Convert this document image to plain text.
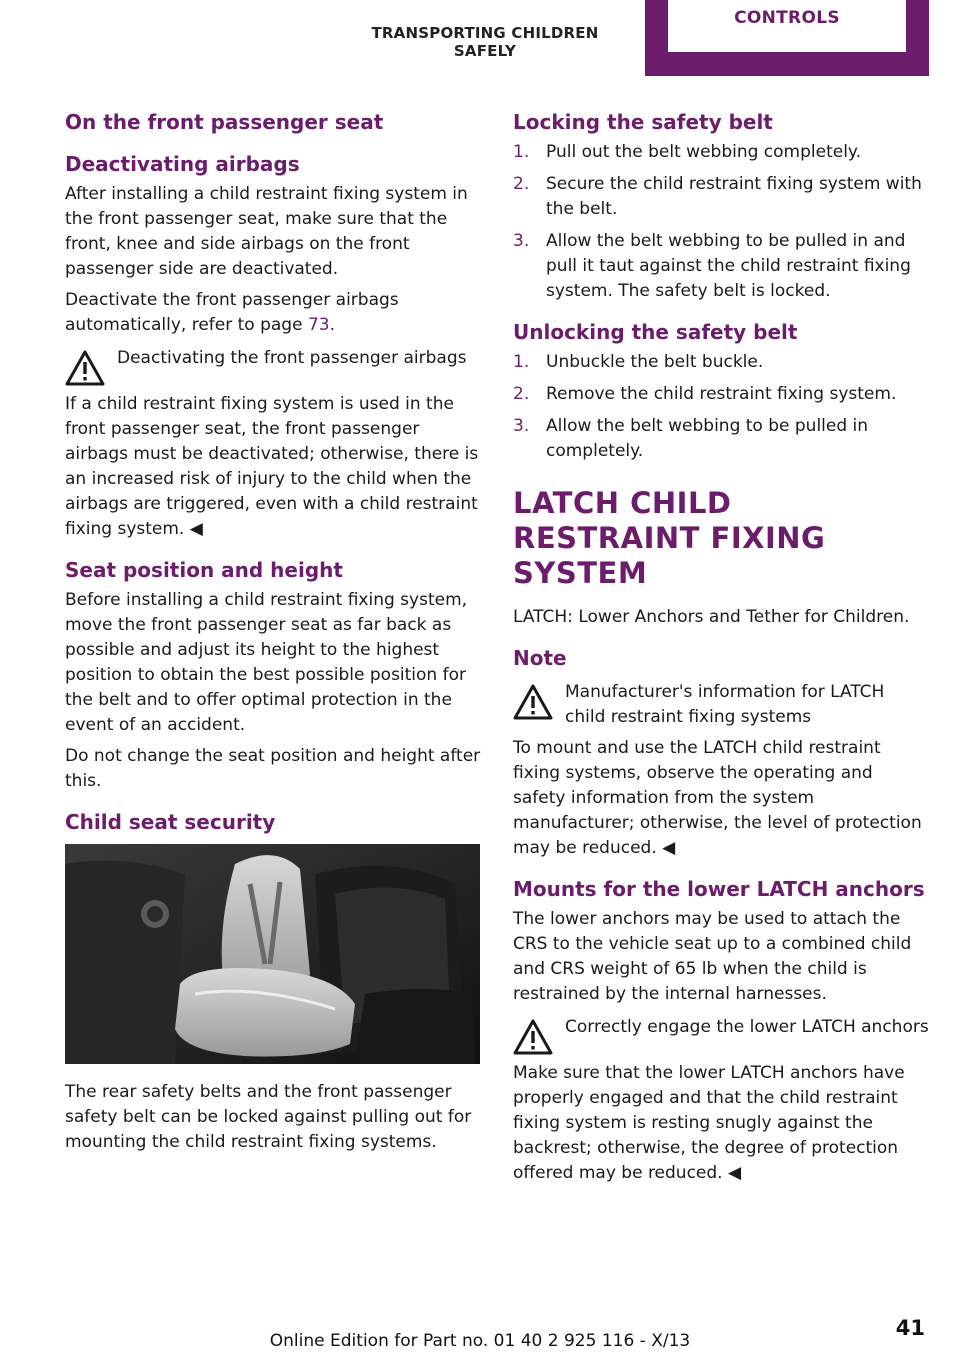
TRANSPORTING CHILDREN SAFELY
CONTROLS
On the front passenger seat
Deactivating airbags

After installing a child restraint fixing system in the front passenger seat, make sure that the front, knee and side airbags on the front passenger side are deactivated.

Deactivate the front passenger airbags automatically, refer to page 73.

Deactivating the front passenger airbags

If a child restraint fixing system is used in the front passenger seat, the front passenger airbags must be deactivated; otherwise, there is an increased risk of injury to the child when the airbags are triggered, even with a child restraint fixing system. ◀

Seat position and height

Before installing a child restraint fixing system, move the front passenger seat as far back as possible and adjust its height to the highest position to obtain the best possible position for the belt and to offer optimal protection in the event of an accident.

Do not change the seat position and height after this.

Child seat security

The rear safety belts and the front passenger safety belt can be locked against pulling out for mounting the child restraint fixing systems.

Locking the safety belt
1. Pull out the belt webbing completely.
2. Secure the child restraint fixing system with the belt.
3. Allow the belt webbing to be pulled in and pull it taut against the child restraint fixing system. The safety belt is locked.
Unlocking the safety belt
1. Unbuckle the belt buckle.
2. Remove the child restraint fixing system.
3. Allow the belt webbing to be pulled in completely.
LATCH CHILD RESTRAINT FIXING SYSTEM

LATCH: Lower Anchors and Tether for Children.

Note
Manufacturer's information for LATCH child restraint fixing systems

To mount and use the LATCH child restraint fixing systems, observe the operating and safety information from the system manufacturer; otherwise, the level of protection may be reduced. ◀

Mounts for the lower LATCH anchors

The lower anchors may be used to attach the CRS to the vehicle seat up to a combined child and CRS weight of 65 lb when the child is restrained by the internal harnesses.

Correctly engage the lower LATCH anchors

Make sure that the lower LATCH anchors have properly engaged and that the child restraint fixing system is resting snugly against the backrest; otherwise, the degree of protection offered may be reduced. ◀

Online Edition for Part no. 01 40 2 925 116 - X/13
41
